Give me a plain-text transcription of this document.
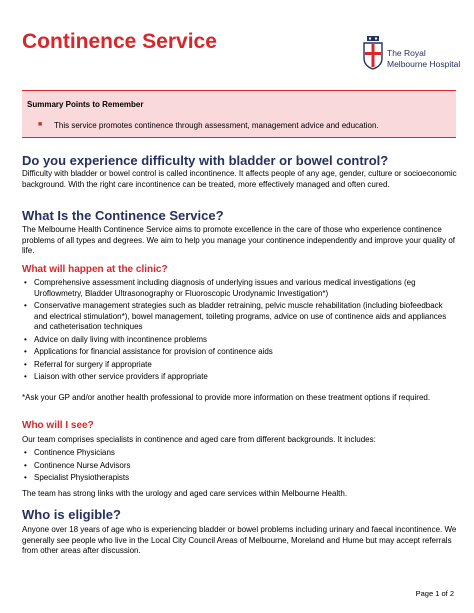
Continence Service	The Royal
Melbourne Hospital
Summary Points to Remember
■ This service promotes continence through assessment, management advice and education.
Do you experience difficulty with bladder or bowel control?
Difficulty with bladder or bowel control is called incontinence. It affects people of any age, gender, culture or socioeconomic background. With the right care incontinence can be treated, more effectively managed and often cured.
What Is the Continence Service?
The Melbourne Health Continence Service aims to promote excellence in the care of those who experience continence problems of all types and degrees. We aim to help you manage your continence independently and improve your quality of life.
What will happen at the clinic?
• Comprehensive assessment including diagnosis of underlying issues and various medical investigations (eg Uroflowmetry, Bladder Ultrasonography or Fluoroscopic Urodynamic Investigation*)
• Conservative management strategies such as bladder retraining, pelvic muscle rehabilitation (including biofeedback and electrical stimulation*), bowel management, toileting programs, advice on use of continence aids and appliances and catheterisation techniques
• Advice on daily living with incontinence problems
• Applications for financial assistance for provision of continence aids
• Referral for surgery if appropriate
• Liaison with other service providers if appropriate
*Ask your GP and/or another health professional to provide more information on these treatment options if required.
Who will I see?
Our team comprises specialists in continence and aged care from different backgrounds. It includes:
• Continence Physicians
• Continence Nurse Advisors
• Specialist Physiotherapists
The team has strong links with the urology and aged care services within Melbourne Health.
Who is eligible?
Anyone over 18 years of age who is experiencing bladder or bowel problems including urinary and faecal incontinence. We generally see people who live in the Local City Council Areas of Melbourne, Moreland and Hume but may accept referrals from other areas after discussion.
Page 1 of 2
